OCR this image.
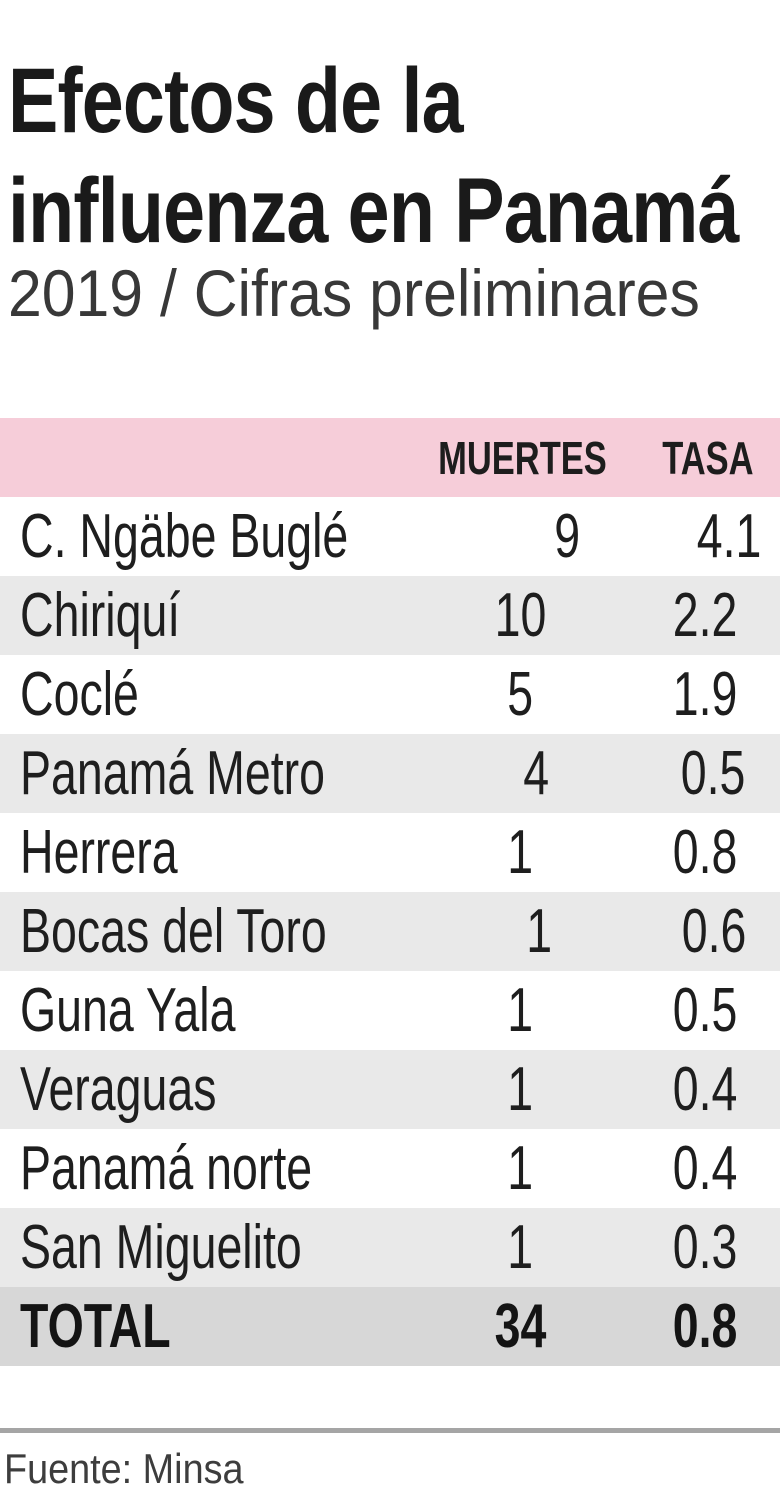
Efectos de la
influenza en Panamá
2019 / Cifras preliminares
MUERTES TASA
C. Ngäbe Buglé	9 4.1
Chiriquí	10 2.2
Coclé	5 1.9
Panamá Metro	4 0.5
Herrera	1 0.8
Bocas del Toro	1 0.6
Guna Yala	1 0.5
Veraguas	1 0.4
Panamá norte	1 0.4
San Miguelito	1 0.3
TOTAL	34 0.8
Fuente: Minsa
